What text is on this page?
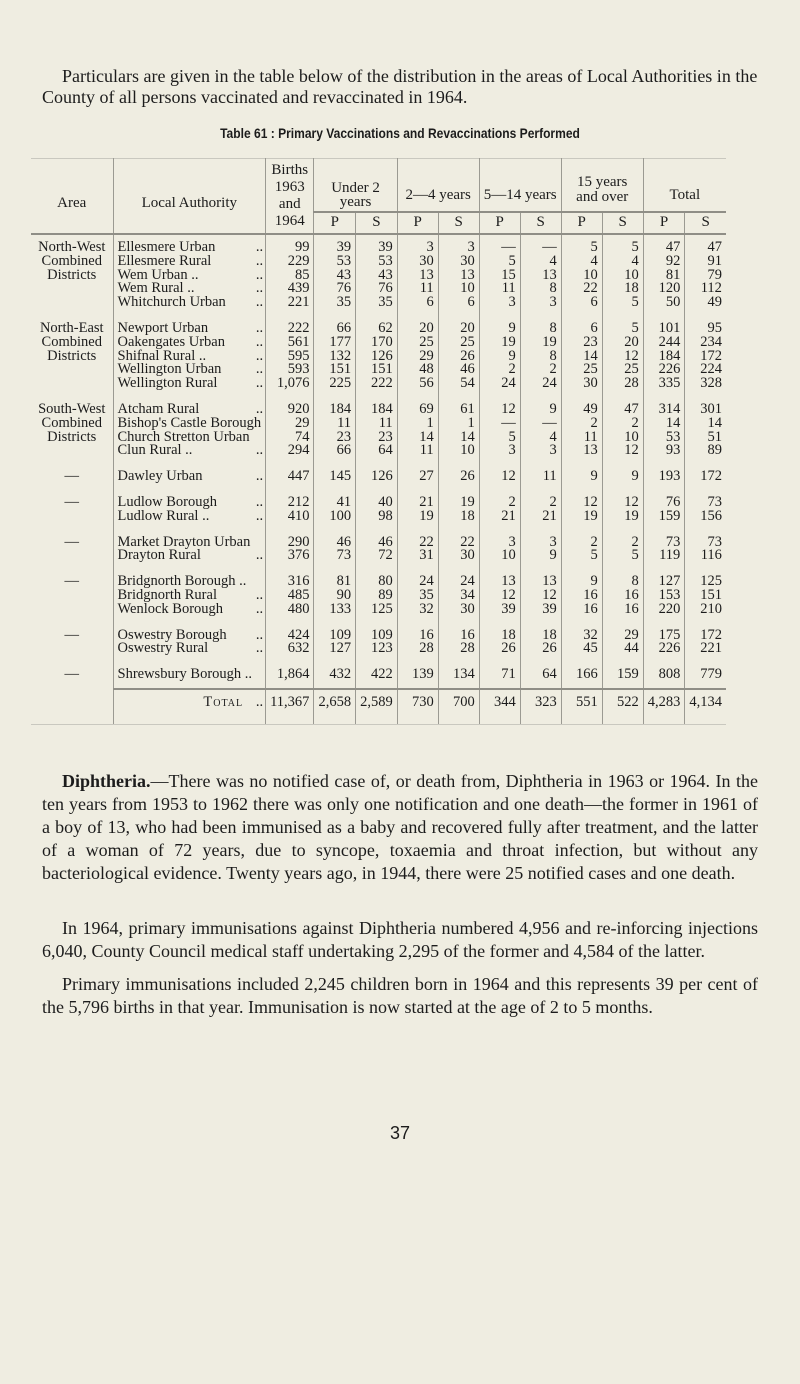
Particulars are given in the table below of the distribution in the areas of Local Authorities in the County of all persons vaccinated and revaccinated in 1964.
Table 61 : Primary Vaccinations and Revaccinations Performed
Area	Local Authority	Births 1963 and 1964	Under 2 years		2—4 years		5—14 years		15 years and over		Total	
			P	S	P	S	P	S	P	S	P	S

North-West Combined Districts	Ellesmere Urban ..	99	39	39	3	3	—	—	5	5	47	47
	Ellesmere Rural ..	229	53	53	30	30	5	4	4	4	92	91
	Wem Urban .. ..	85	43	43	13	13	15	13	10	10	81	79
	Wem Rural .. ..	439	76	76	11	10	11	8	22	18	120	112
	Whitchurch Urban ..	221	35	35	6	6	3	3	6	5	50	49

North-East Combined Districts	Newport Urban ..	222	66	62	20	20	9	8	6	5	101	95
	Oakengates Urban ..	561	177	170	25	25	19	19	23	20	244	234
	Shifnal Rural .. ..	595	132	126	29	26	9	8	14	12	184	172
	Wellington Urban ..	593	151	151	48	46	2	2	25	25	226	224
	Wellington Rural ..	1,076	225	222	56	54	24	24	30	28	335	328

South-West Combined Districts	Atcham Rural ..	920	184	184	69	61	12	9	49	47	314	301
	Bishop's Castle Borough	29	11	11	1	1	—	—	2	2	14	14
	Church Stretton Urban	74	23	23	14	14	5	4	11	10	53	51
	Clun Rural .. ..	294	66	64	11	10	3	3	13	12	93	89

—	Dawley Urban ..	447	145	126	27	26	12	11	9	9	193	172

—	Ludlow Borough ..	212	41	40	21	19	2	2	12	12	76	73
	Ludlow Rural .. ..	410	100	98	19	18	21	21	19	19	159	156

—	Market Drayton Urban	290	46	46	22	22	3	3	2	2	73	73
	Drayton Rural ..	376	73	72	31	30	10	9	5	5	119	116

—	Bridgnorth Borough ..	316	81	80	24	24	13	13	9	8	127	125
	Bridgnorth Rural ..	485	90	89	35	34	12	12	16	16	153	151
	Wenlock Borough ..	480	133	125	32	30	39	39	16	16	220	210

—	Oswestry Borough ..	424	109	109	16	16	18	18	32	29	175	172
	Oswestry Rural ..	632	127	123	28	28	26	26	45	44	226	221

—	Shrewsbury Borough ..	1,864	432	422	139	134	71	64	166	159	808	779

	Total ..	11,367	2,658	2,589	730	700	344	323	551	522	4,283	4,134

Diphtheria.—There was no notified case of, or death from, Diphtheria in 1963 or 1964. In the ten years from 1953 to 1962 there was only one notification and one death—the former in 1961 of a boy of 13, who had been immunised as a baby and recovered fully after treatment, and the latter of a woman of 72 years, due to syncope, toxaemia and throat infection, but without any bacteriological evidence. Twenty years ago, in 1944, there were 25 notified cases and one death.
In 1964, primary immunisations against Diphtheria numbered 4,956 and re-inforcing injections 6,040, County Council medical staff undertaking 2,295 of the former and 4,584 of the latter.
Primary immunisations included 2,245 children born in 1964 and this represents 39 per cent of the 5,796 births in that year. Immunisation is now started at the age of 2 to 5 months.
37
